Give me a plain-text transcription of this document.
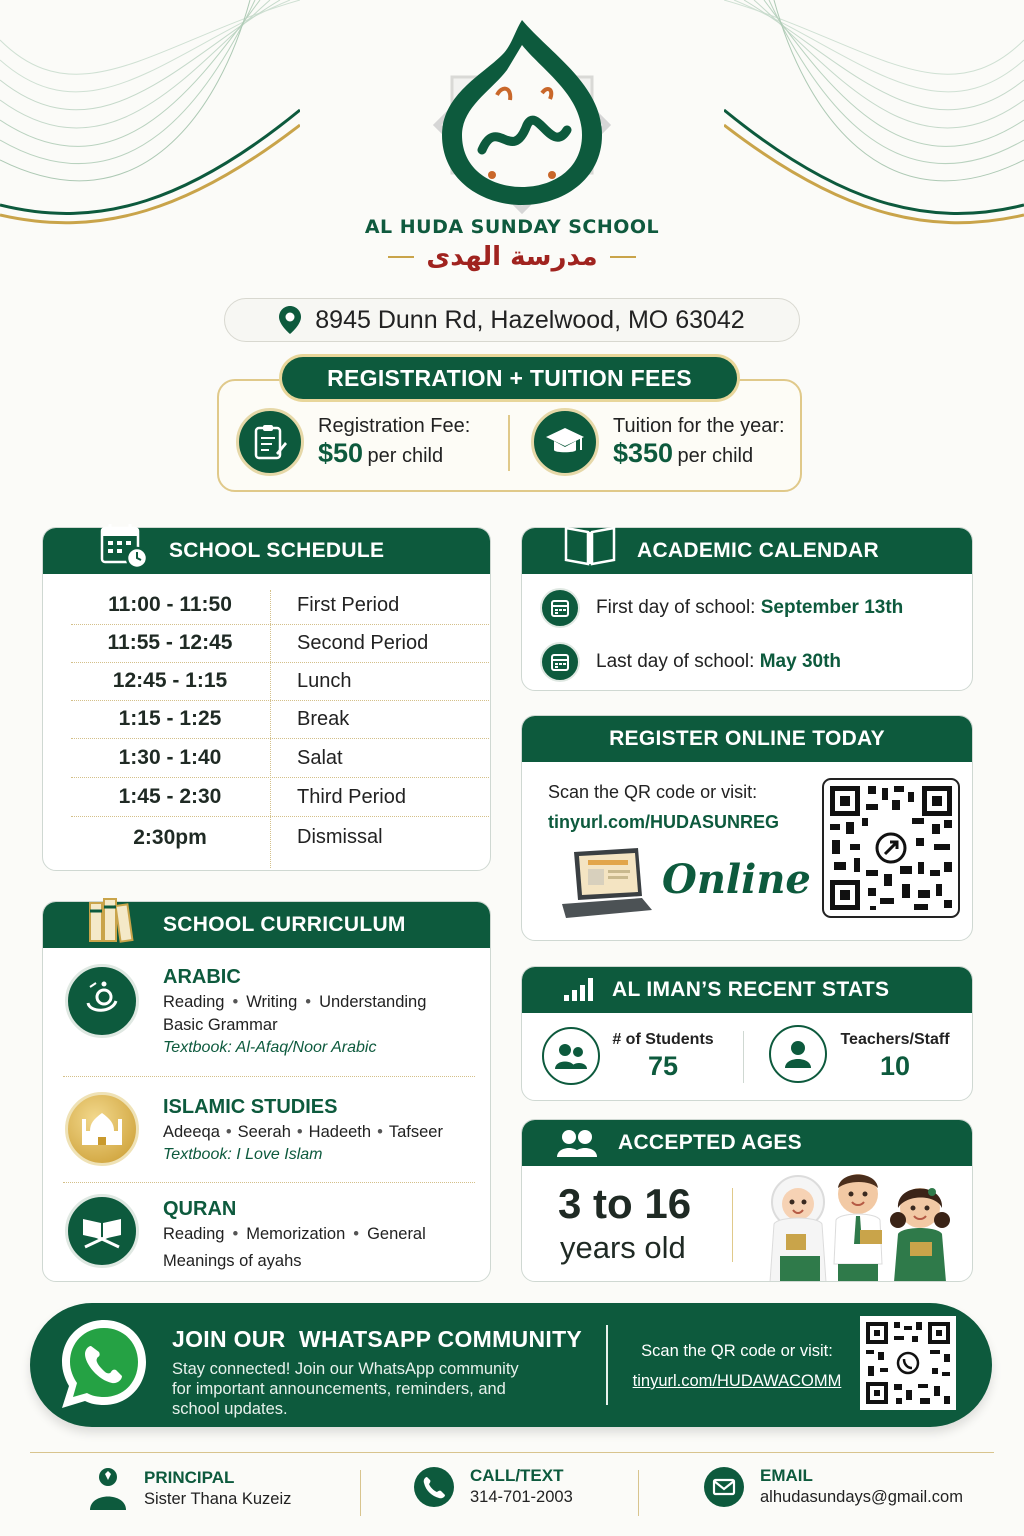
AL HUDA SUNDAY SCHOOL
مدرسة الهدى
8945 Dunn Rd, Hazelwood, MO 63042
REGISTRATION + TUITION FEES
Registration Fee:
$50 per child
Tuition for the year:
$350 per child
SCHOOL SCHEDULE
11:00 - 11:50	First Period
11:55 - 12:45	Second Period
12:45 - 1:15	Lunch
1:15 - 1:25	Break
1:30 - 1:40	Salat
1:45 - 2:30	Third Period
2:30pm	Dismissal
ACADEMIC CALENDAR
First day of school: September 13th
Last day of school: May 30th
REGISTER ONLINE TODAY
Scan the QR code or visit:
tinyurl.com/HUDASUNREG
Online
SCHOOL CURRICULUM
ARABIC
Reading • Writing • Understanding
Basic Grammar
Textbook: Al-Afaq/Noor Arabic
ISLAMIC STUDIES
Adeeqa • Seerah • Hadeeth • Tafseer
Textbook: I Love Islam
QURAN
Reading • Memorization • General
Meanings of ayahs
AL IMAN’S RECENT STATS
# of Students
75
Teachers/Staff
10
ACCEPTED AGES
3 to 16
years old
JOIN OUR  WHATSAPP COMMUNITY
Stay connected! Join our WhatsApp community for important announcements, reminders, and school updates.
Scan the QR code or visit:
tinyurl.com/HUDAWACOMM
PRINCIPAL
Sister Thana Kuzeiz
CALL/TEXT
314-701-2003
EMAIL
alhudasundays@gmail.com
